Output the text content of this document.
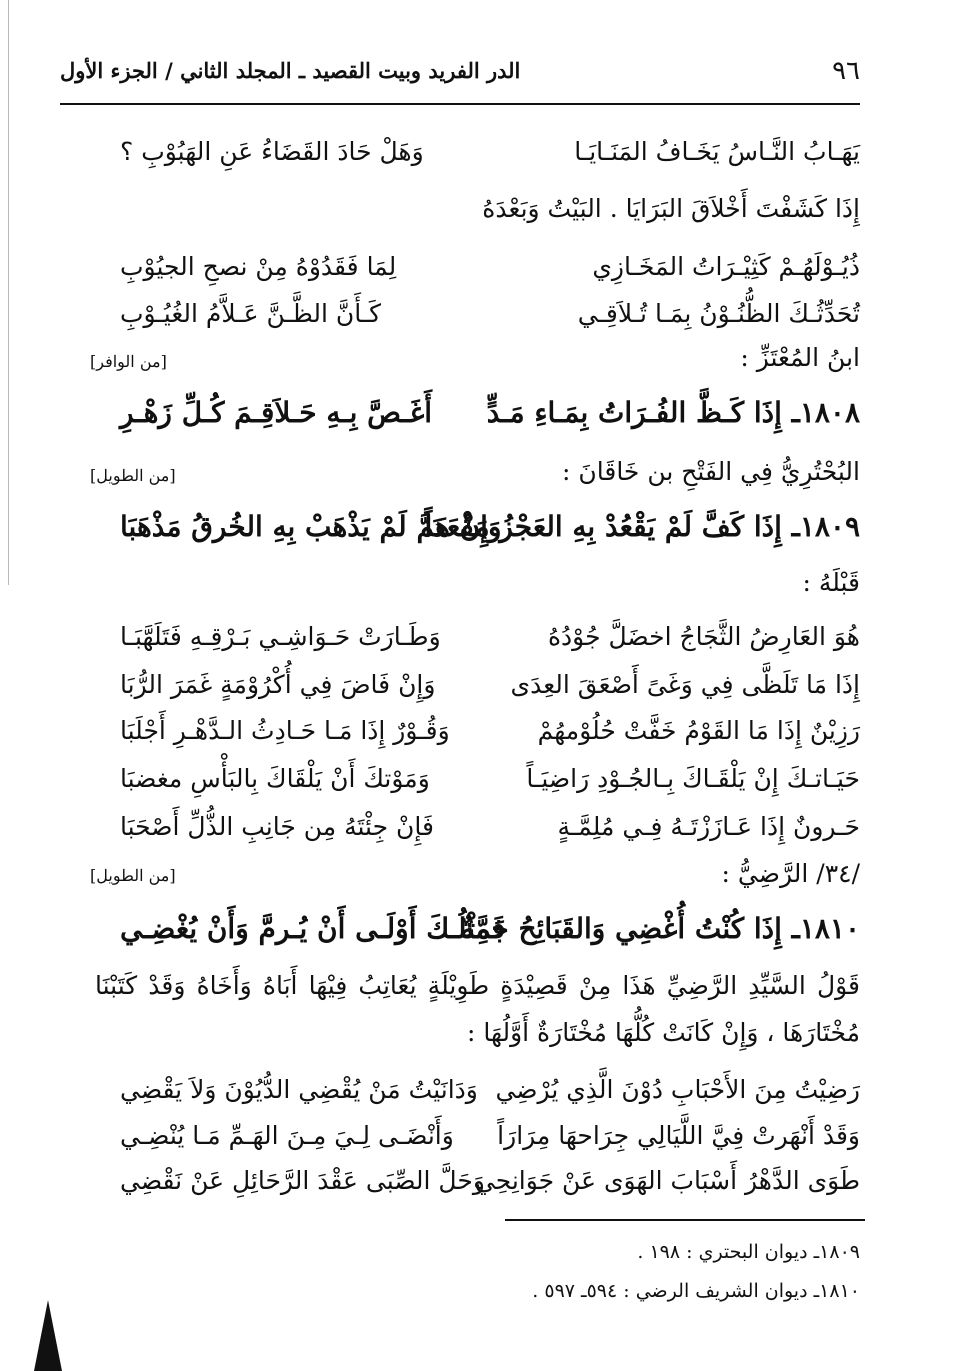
٩٦
الدر الفريد وبيت القصيد ـ المجلد الثاني / الجزء الأول
يَهَـابُ النَّـاسُ يَخَـافُ المَنَـايَـا
وَهَلْ حَادَ القَضَاءُ عَنِ الهَبُوْبِ ؟
إِذَا كَشَفْتَ أَخْلاَقَ البَرَايَا . البَيْتُ وَبَعْدَهُ
ذُيُـوْلَهُـمْ كَثِيْـرَاتُ المَخَـازِي
لِمَا فَقَدُوْهُ مِنْ نصحِ الجيُوْبِ
تُحَدِّثُـكَ الظُّنُـوْنُ بِمَـا تُـلاَقِـي
كَـأَنَّ الظَّـنَّ عَـلاَّمُ الغُيُـوْبِ
ابنُ المُعْتَزِّ :
[من الوافر]
١٨٠٨ـ إِذَا كَـظَّ الفُـرَاتُ بِمَـاءِ مَـدٍّ
أَغَـصَّ بِـهِ حَـلاَقِـمَ كُـلِّ زَهْـرِ
البُحْتُرِيُّ فِي الفَتْحِ بن خَاقَانَ :
[من الطويل]
١٨٠٩ـ إِذَا كَفَّ لَمْ يَقْعُدْ بِهِ العَجْزُ مَقْعَدَاً
وَإِنْ هَمَّ لَمْ يَذْهَبْ بِهِ الخُرقُ مَذْهَبَا
قَبْلَهُ :
هُوَ العَارِضُ الثَّجَاجُ اخضَلَّ جُوْدُهُ
وَطَـارَتْ حَـوَاشِـي بَـرْقِـهِ فَتَلَهَّبَـا
إِذَا مَا تَلَظَّى فِي وَغَىً أَصْعَقَ العِدَى
وَإِنْ فَاضَ فِي أُكْرُوْمَةٍ غَمَرَ الرُّبَا
رَزِيْنٌ إِذَا مَا القَوْمُ خَفَّتْ حُلُوْمهُمْ
وَقُـوْرٌ إِذَا مَـا حَـادِثُ الـدَّهْـرِ أَجْلَبَا
حَيَـاتـكَ إِنْ يَلْقَـاكَ بِـالجُـوْدِ رَاضِيَـاً
وَمَوْتكَ أَنْ يَلْقَاكَ بِالبَأْسِ مغضبَا
حَـرونٌ إِذَا عَـازَزْتَـهُ فِـي مُلِمَّـةٍ
فَإِنْ جِئْتَهُ مِن جَانِبِ الذُّلِّ أَصْحَبَا
/٣٤/ الرَّضِيُّ :
[من الطويل]
١٨١٠ـ إِذَا كُنْتُ أُغْضِي وَالقَبَائِحُ جَمَّةٌ
فَمِثْلُـكَ أَوْلَـى أَنْ يُـرمَّ وَأَنْ يُغْضِـي
قَوْلُ السَّيِّدِ الرَّضِيِّ هَذَا مِنْ قَصِيْدَةٍ طَوِيْلَةٍ يُعَاتِبُ فِيْهَا أَبَاهُ وَأَخَاهُ وَقَدْ كَتَبْنَا
مُخْتَارَهَا ، وَإِنْ كَانَتْ كُلُّهَا مُخْتَارَةٌ أَوَّلُهَا :
رَضِيْتُ مِنَ الأَحْبَابِ دُوْنَ الَّذِي يُرْضِي
وَدَانَيْتُ مَنْ يُقْضِي الدُّيُوْنَ وَلاَ يَقْضِي
وَقَدْ أَنْهَرتْ فِيَّ اللَّيَالِي جِرَاحهَا مِرَارَاً
وَأَنْضَـى لِـيَ مِـنَ الهَـمِّ مَـا يُنْضِـي
طَوَى الدَّهْرُ أَسْبَابَ الهَوَى عَنْ جَوَانِحِي
وَحَلَّ الصِّبَى عَقْدَ الرَّحَائِلِ عَنْ نَقْضِي
١٨٠٩ـ ديوان البحتري : ١٩٨ .
١٨١٠ـ ديوان الشريف الرضي : ٥٩٤ـ ٥٩٧ .
